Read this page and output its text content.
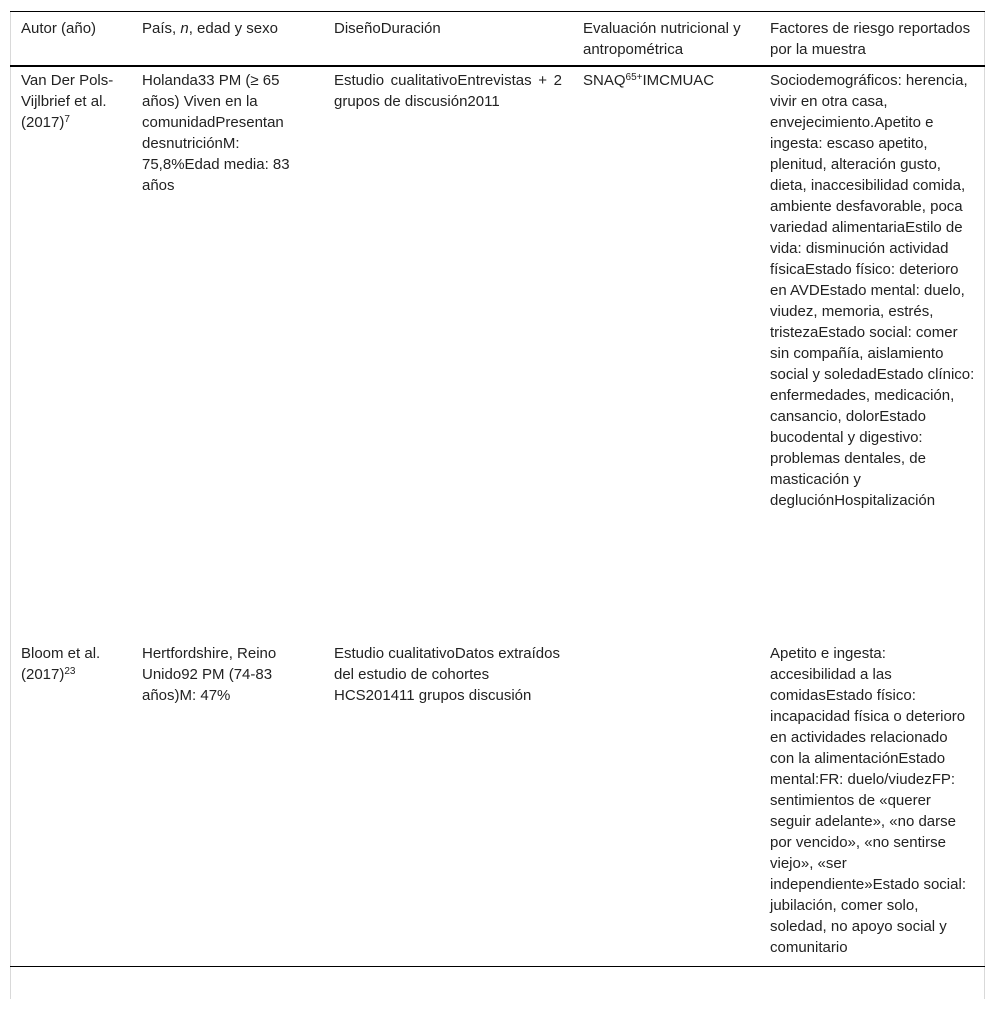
Autor (año)	País, n, edad y sexo	DiseñoDuración	Evaluación nutricional y antropométrica	Factores de riesgo reportados por la muestra
Van Der Pols-Vijlbrief et $al.(2017)^7$	Holanda33 PM (≥ 65 años) Viven en la comunidadPresentan desnutriciónM: 75,8%Edad media: 83 años	Estudio cualitativoEntrevistas + 2 grupos de discusión2011	$SNAQ^{65+}IMCMUAC$	Sociodemográficos: herencia, vivir en otra casa, envejecimiento.Apetito e ingesta: escaso apetito, plenitud, alteración gusto, dieta, inaccesibilidad comida, ambiente desfavorable, poca variedad alimentariaEstilo de vida: disminución actividad físicaEstado físico: deterioro en AVDEstado mental: duelo, viudez, memoria, estrés, tristezaEstado social: comer sin compañía, aislamiento social y soledadEstado clínico: enfermedades, medicación, cansancio, dolorEstado bucodental y digestivo: problemas dentales, de masticación y degluciónHospitalización
Bloom et $al.(2017)^{23}$	Hertfordshire, Reino Unido92 PM (74-83 años)M: 47%	Estudio cualitativoDatos extraídos del estudio de cohortes HCS201411 grupos discusión		Apetito e ingesta: accesibilidad a las comidasEstado físico: incapacidad física o deterioro en actividades relacionado con la alimentaciónEstado mental:FR: duelo/viudezFP: sentimientos de «querer seguir adelante», «no darse por vencido», «no sentirse viejo», «ser independiente»Estado social: jubilación, comer solo, soledad, no apoyo social y comunitario
